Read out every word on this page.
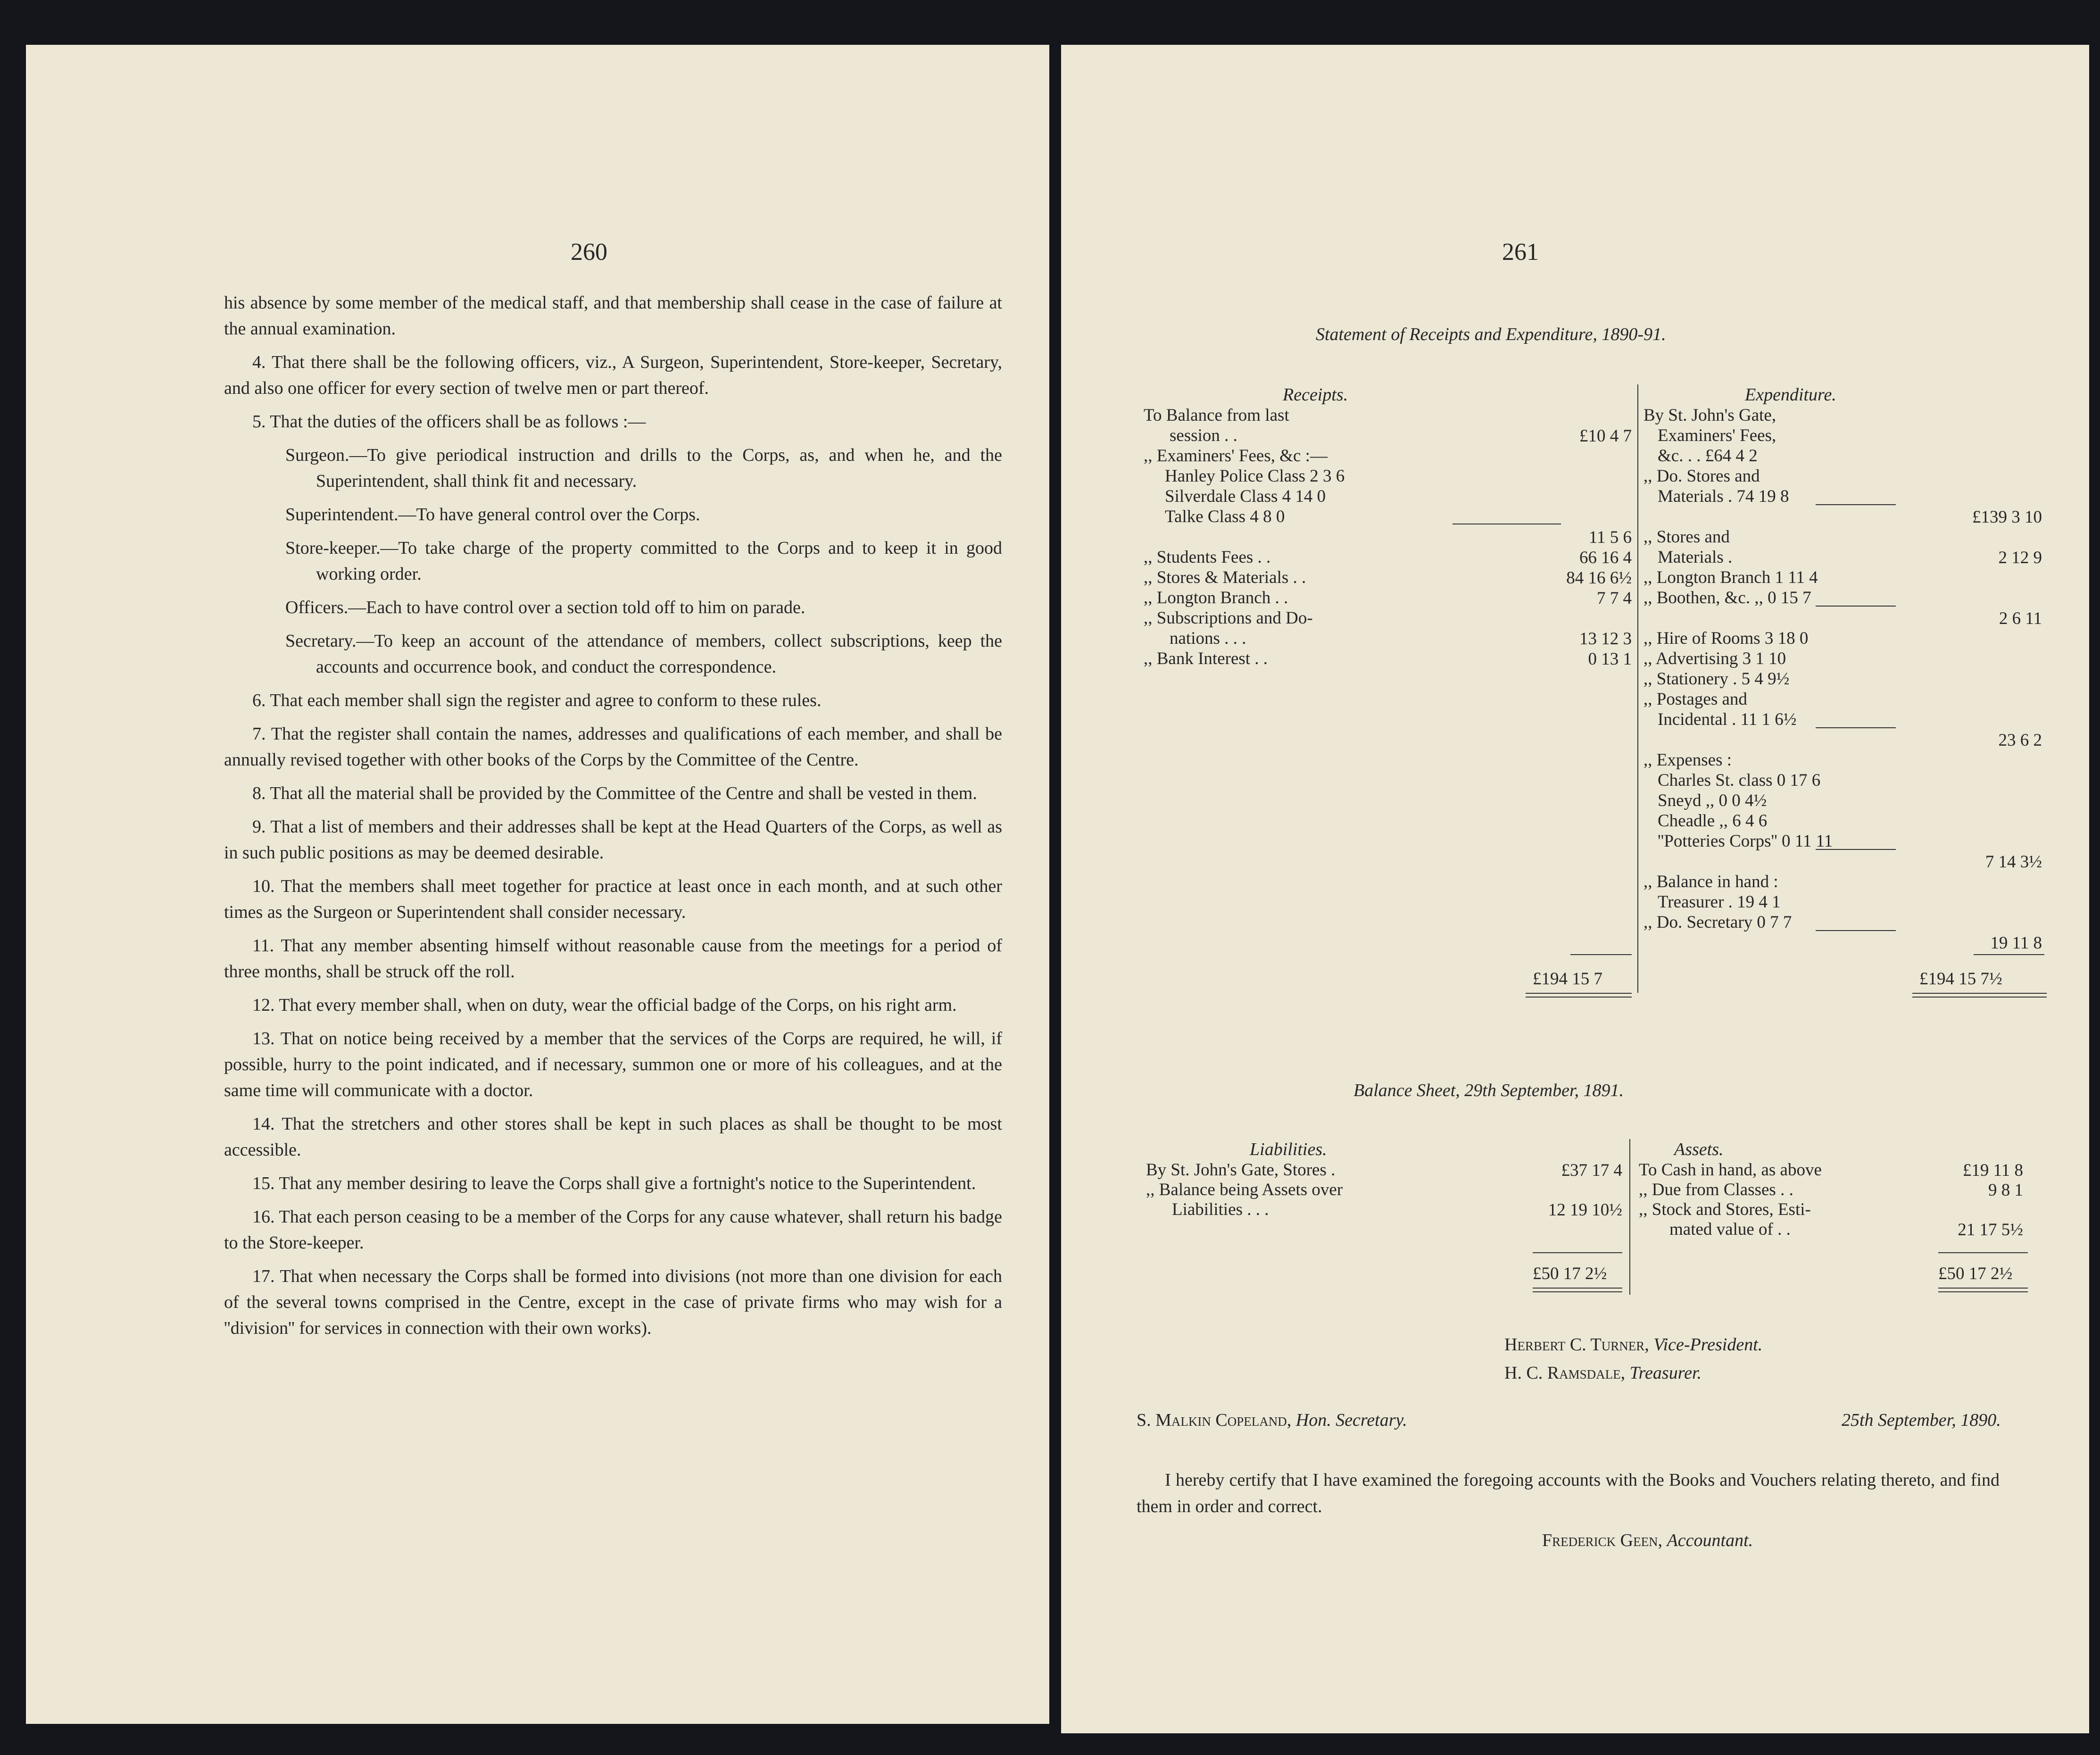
260

his absence by some member of the medical staff, and that membership shall cease in the case of failure at the annual examination.

4. That there shall be the following officers, viz., A Surgeon, Superintendent, Store-keeper, Secretary, and also one officer for every section of twelve men or part thereof.

5. That the duties of the officers shall be as follows :—

Surgeon.—To give periodical instruction and drills to the Corps, as, and when he, and the Superintendent, shall think fit and necessary.

Superintendent.—To have general control over the Corps.

Store-keeper.—To take charge of the property committed to the Corps and to keep it in good working order.

Officers.—Each to have control over a section told off to him on parade.

Secretary.—To keep an account of the attendance of members, collect subscriptions, keep the accounts and occurrence book, and conduct the correspondence.

6. That each member shall sign the register and agree to conform to these rules.

7. That the register shall contain the names, addresses and qualifications of each member, and shall be annually revised together with other books of the Corps by the Committee of the Centre.

8. That all the material shall be provided by the Committee of the Centre and shall be vested in them.

9. That a list of members and their addresses shall be kept at the Head Quarters of the Corps, as well as in such public positions as may be deemed desirable.

10. That the members shall meet together for practice at least once in each month, and at such other times as the Surgeon or Superintendent shall consider necessary.

11. That any member absenting himself without reasonable cause from the meetings for a period of three months, shall be struck off the roll.

12. That every member shall, when on duty, wear the official badge of the Corps, on his right arm.

13. That on notice being received by a member that the services of the Corps are required, he will, if possible, hurry to the point indicated, and if necessary, summon one or more of his colleagues, and at the same time will communicate with a doctor.

14. That the stretchers and other stores shall be kept in such places as shall be thought to be most accessible.

15. That any member desiring to leave the Corps shall give a fortnight's notice to the Superintendent.

16. That each person ceasing to be a member of the Corps for any cause whatever, shall return his badge to the Store-keeper.

17. That when necessary the Corps shall be formed into divisions (not more than one division for each of the several towns comprised in the Centre, except in the case of private firms who may wish for a ''division'' for services in connection with their own works).

261
Statement of Receipts and Expenditure, 1890-91.
Receipts.
To Balance from last
session . .
,, Examiners' Fees, &c :—
Hanley Police Class 2 3 6
Silverdale Class 4 14 0
Talke Class 4 8 0
,, Students Fees . .
,, Stores & Materials . .
,, Longton Branch . .
,, Subscriptions and Do-
nations . . .
,, Bank Interest . .
£10 4 7
11 5 6
66 16 4
84 16 6½
7 7 4
13 12 3
0 13 1
£194 15 7
Expenditure.
By St. John's Gate,
Examiners' Fees,
&c. . . £64 4 2
,, Do. Stores and
Materials . 74 19 8
,, Stores and
Materials .
,, Longton Branch 1 11 4
,, Boothen, &c. ,, 0 15 7
,, Hire of Rooms 3 18 0
,, Advertising 3 1 10
,, Stationery . 5 4 9½
,, Postages and
Incidental . 11 1 6½
,, Expenses :
Charles St. class 0 17 6
Sneyd ,, 0 0 4½
Cheadle ,, 6 4 6
''Potteries Corps'' 0 11 11
,, Balance in hand :
Treasurer . 19 4 1
,, Do. Secretary 0 7 7
£139 3 10
2 12 9
2 6 11
23 6 2
7 14 3½
19 11 8
£194 15 7½
Balance Sheet, 29th September, 1891.
Liabilities.
By St. John's Gate, Stores .
,, Balance being Assets over
Liabilities . . .
£37 17 4
12 19 10½
£50 17 2½
Assets.
To Cash in hand, as above
,, Due from Classes . .
,, Stock and Stores, Esti-
mated value of . .
£19 11 8
9 8 1
21 17 5½
£50 17 2½
Herbert C. Turner, Vice-President.
H. C. Ramsdale, Treasurer.
S. Malkin Copeland, Hon. Secretary.	25th September, 1890.
I hereby certify that I have examined the foregoing accounts with the Books and Vouchers relating thereto, and find them in order and correct.
Frederick Geen, Accountant.
